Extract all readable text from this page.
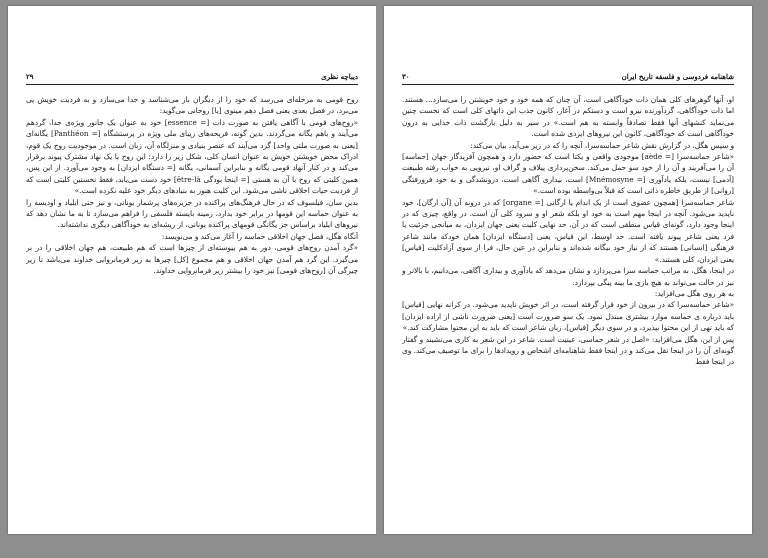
۲۹	دیباچه نظری

روح قومی به مرحله‌ای می‌رسد که خود را از دیگران باز می‌شناسد و جدا می‌سازد و به فردیت خویش پی می‌برد، در فصل بعدی یعنی فصل دهم مینوی [یا] روحانی می‌گوید:

«روح‌های قومی با آگاهی یافتن به صورت ذات [= essence] خود به عنوان یک جانور ویژه‌ی جدا، گردهم می‌آیند و باهم یگانه می‌گردند. بدین گونه، قریحه‌های زیبای ملی ویژه در پرستشگاه [= Panthéon] یگانه‌ای [یعنی به صورت ملتی واحد] گرد می‌آیند که عنصر بنیادی و منزلگاه آن، زبان است. در موجودیت روح یک قوم، ادراک محض خویشتن خویش به عنوان انسان کلی، شکل زیر را دارد: این روح با یک نهاد مشترک پیوند برقرار می‌کند و در کنار آنهاد قومی یگانه و بنابراین آسمانی، یگانه [= دستگاه ایزدان] به وجود می‌آورد. از این پس، همین کلیتی که روح با آن به هستی [= اینجا بودگی être-là] خود دست می‌یابد، فقط نخستین کلیتی است که از فردیت حیات اخلاقی ناشی می‌شود. این کلیت هنوز به بنیادهای دیگر خود علیه نکرده است.»

بدین سان، فیلسوف که در حال فرهنگ‌های پراکنده در جزیره‌های پرشمار یونانی، و نیز حتی ایلیاد و اودیسه را به عنوان حماسه این قومها در برابر خود بدارد، زمینه بایسته فلسفی را فراهم می‌سازد تا به ما نشان دهد که نیروهای ایلیاد براساس جز یگانگی قومهای پراکنده یونانی، از ریشه‌ای به خودآگاهی دیگری نداشته‌اند.

آنگاه هگل، فصل جهان اخلاقی حماسه را آغاز می‌کند و می‌نویسد:

«گرد آمدن روح‌های قومی، دور به هم پیوسته‌ای از چیزها است که هم طبیعت، هم جهان اخلاقی را در بر می‌گیرد. این گرد هم آمدن جهان اخلاقی و هم مجموع [کل] چیزها به زیر فرمانروایی خداوند می‌باشد تا زیر چیرگی آن [روح‌های قومی] نیز خود را بیشتر زیر فرمانروایی خداوند.

۳۰	شاهنامه فردوسی و فلسفه تاریخ ایران

او، آنها گوهرهای کلی همان ذات خودآگاهی است، آن چنان که همه خود و خود خویشتن را می‌سازد... هستند. اما ذات خودآگاهی، گردآورنده نیرو است و دستکم در آغاز، کانون جذب این ذاتهای کلی است که نخست چنین می‌نماید کنشهای آنها فقط تصادفاً وابسته به هم است.» در سیر به دلیل بازگشت ذات خدایی به درون خودآگاهی است که خودآگاهی، کانون این نیروهای ایزدی شده است.

و سپس هگل، در گزارش نقش شاعر حماسه‌سرا، آنچه را که در زیر می‌آید، بیان می‌کند:

«شاعر حماسه‌سرا [= aède] موجودی واقعی و یکتا است که حضور دارد و همچون آفریدگار جهان [حماسه] آن را می‌آفریند و آن را از خود سو حمل می‌کند. سخن‌پردازی پیلاف و گراف او، نیرویی به خواب رفته طبیعت [آدمی] نیست، بلکه یادآوری [= Mnémosyne] است، بیداری آگاهی است، درونشدگی و به خود فرورفتگی [روانی] از طریق خاطره ذاتی است که قبلاً بی‌واسطه بوده است.»

شاعر حماسه‌سرا [همچون عضوی است از یک اندام یا ارگانی [= organe] که در درونه آن [آن ارگان]، خود ناپدید می‌شود. آنچه در اینجا مهم است به خود او بلکه شعر او و سرود کلی آن است. در واقع، چیزی که در اینجا وجود دارد، گونه‌ای قیاس منطقی است که در آن، حد نهایی کلیت یعنی جهان ایزدان، به میانجی جزئیت یا فرد یعنی شاعر پیوند یافته است. حد اوسط، این قیاس، یعنی [دستگاه ایزدان] همان خودکه مانند شاعر فرهنگی [انسانی] هستند که از نیاز خود بیگانه شده‌اند و بنابراین در عین حال، فرا از سوی آزادکلیت [قیاس] یعنی ایزدان، کلی هستند.»

در اینجا، هگل، به مراتب حماسه سرا می‌پردازد و نشان می‌دهد که یادآوری و بیداری آگاهی، می‌دانیم، با بالاتر و نیز در حالت می‌تواند به هیچ بازی ما بینه پیگی بپردازد.

به هر روی هگل می‌افزاید:

«شاعر حماسه‌سرا که در بیرون از خود قرار گرفته است، در اثر خویش ناپدید می‌شود. در کرانه نهایی [قیاس] باید درباره ی حماسه موارد بیشتری مبتذل نمود. یک سو ضرورت است [یعنی ضرورت ناشی از اراده ایزدان] که باید تهی از این محتوا بپذیرد، و در سوی دیگر [قیاس]، زبان شاعر است که باید به این محتوا مشارکت کند.»

پس از این، هگل می‌افزاید: «اصل در شعر حماسی، عینیت است. شاعر در این شعر به کاری می‌نشیند و گفتار گونه‌ای آن را در اینجا نقل می‌کند و در اینجا فقط شاهنامه‌ای اشخاص و رویدادها را برای ما توصیف می‌کند. وی در اینجا فقط
